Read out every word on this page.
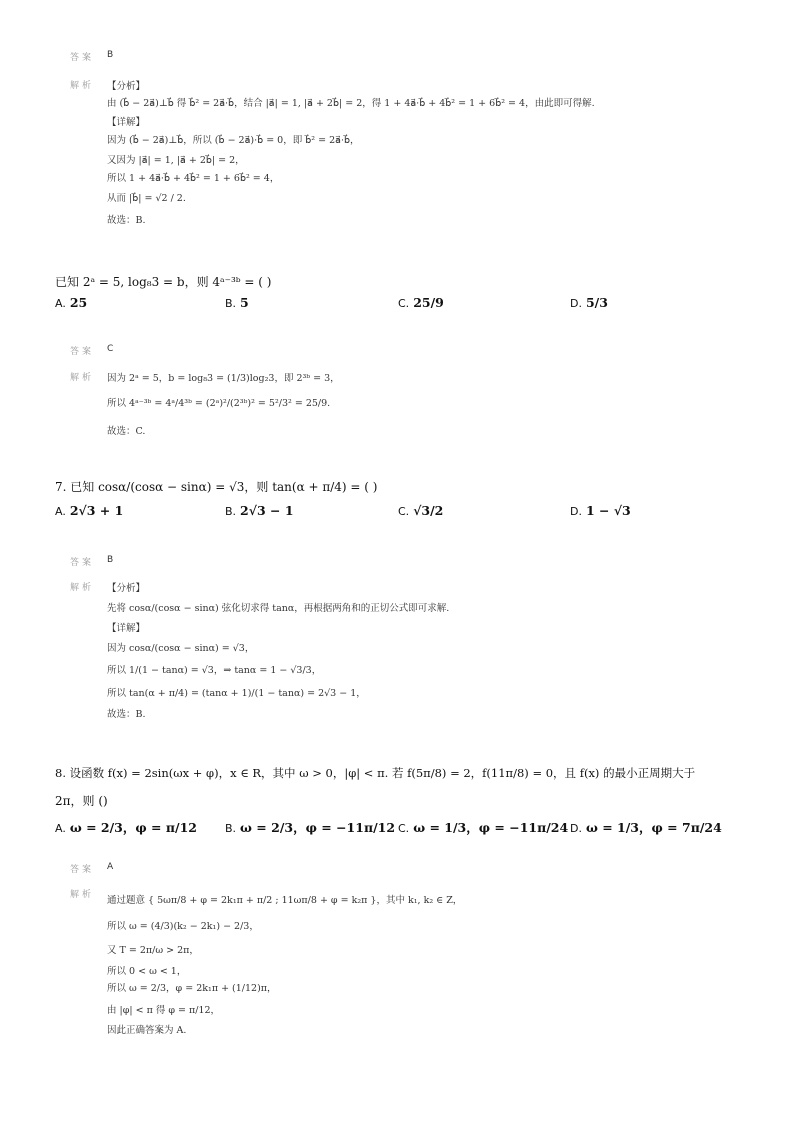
答案 B
解析 【分析】
由 (b⃗ − 2a⃗)⊥b⃗ 得 b⃗² = 2a⃗·b⃗，结合 |a⃗| = 1, |a⃗ + 2b⃗| = 2，得 1 + 4a⃗·b⃗ + 4b⃗² = 1 + 6b⃗² = 4，由此即可得解.
【详解】
因为 (b⃗ − 2a⃗)⊥b⃗，所以 (b⃗ − 2a⃗)·b⃗ = 0，即 b⃗² = 2a⃗·b⃗，
又因为 |a⃗| = 1, |a⃗ + 2b⃗| = 2，
所以 1 + 4a⃗·b⃗ + 4b⃗² = 1 + 6b⃗² = 4，
从而 |b⃗| = √2 / 2.
故选：B.
已知 2ᵃ = 5, log₈3 = b，则 4ᵃ⁻³ᵇ = ( )
A. 25	B. 5	C. 25/9	D. 5/3
答案 C
解析 因为 2ᵃ = 5，b = log₈3 = (1/3)log₂3，即 2³ᵇ = 3，
所以 4ᵃ⁻³ᵇ = 4ᵃ/4³ᵇ = (2ᵃ)²/(2³ᵇ)² = 5²/3² = 25/9.
故选：C.
7. 已知 cosα/(cosα − sinα) = √3，则 tan(α + π/4) = ( )
A. 2√3 + 1	B. 2√3 − 1	C. √3/2	D. 1 − √3
答案 B
解析 【分析】
先将 cosα/(cosα − sinα) 弦化切求得 tanα，再根据两角和的正切公式即可求解.
【详解】
因为 cosα/(cosα − sinα) = √3，
所以 1/(1 − tanα) = √3，⇒ tanα = 1 − √3/3，
所以 tan(α + π/4) = (tanα + 1)/(1 − tanα) = 2√3 − 1，
故选：B.
8. 设函数 f(x) = 2sin(ωx + φ)，x ∈ R，其中 ω > 0，|φ| < π. 若 f(5π/8) = 2，f(11π/8) = 0，且 f(x) 的最小正周期大于
2π，则 ()
A. ω = 2/3，φ = π/12	B. ω = 2/3，φ = −11π/12 C. ω = 1/3，φ = −11π/24 D. ω = 1/3，φ = 7π/24
答案 A
解析 通过题意 { 5ωπ/8 + φ = 2k₁π + π/2 ; 11ωπ/8 + φ = k₂π }，其中 k₁, k₂ ∈ Z，
所以 ω = (4/3)(k₂ − 2k₁) − 2/3，
又 T = 2π/ω > 2π，
所以 0 < ω < 1，
所以 ω = 2/3，φ = 2k₁π + (1/12)π，
由 |φ| < π 得 φ = π/12，
因此正确答案为 A.
